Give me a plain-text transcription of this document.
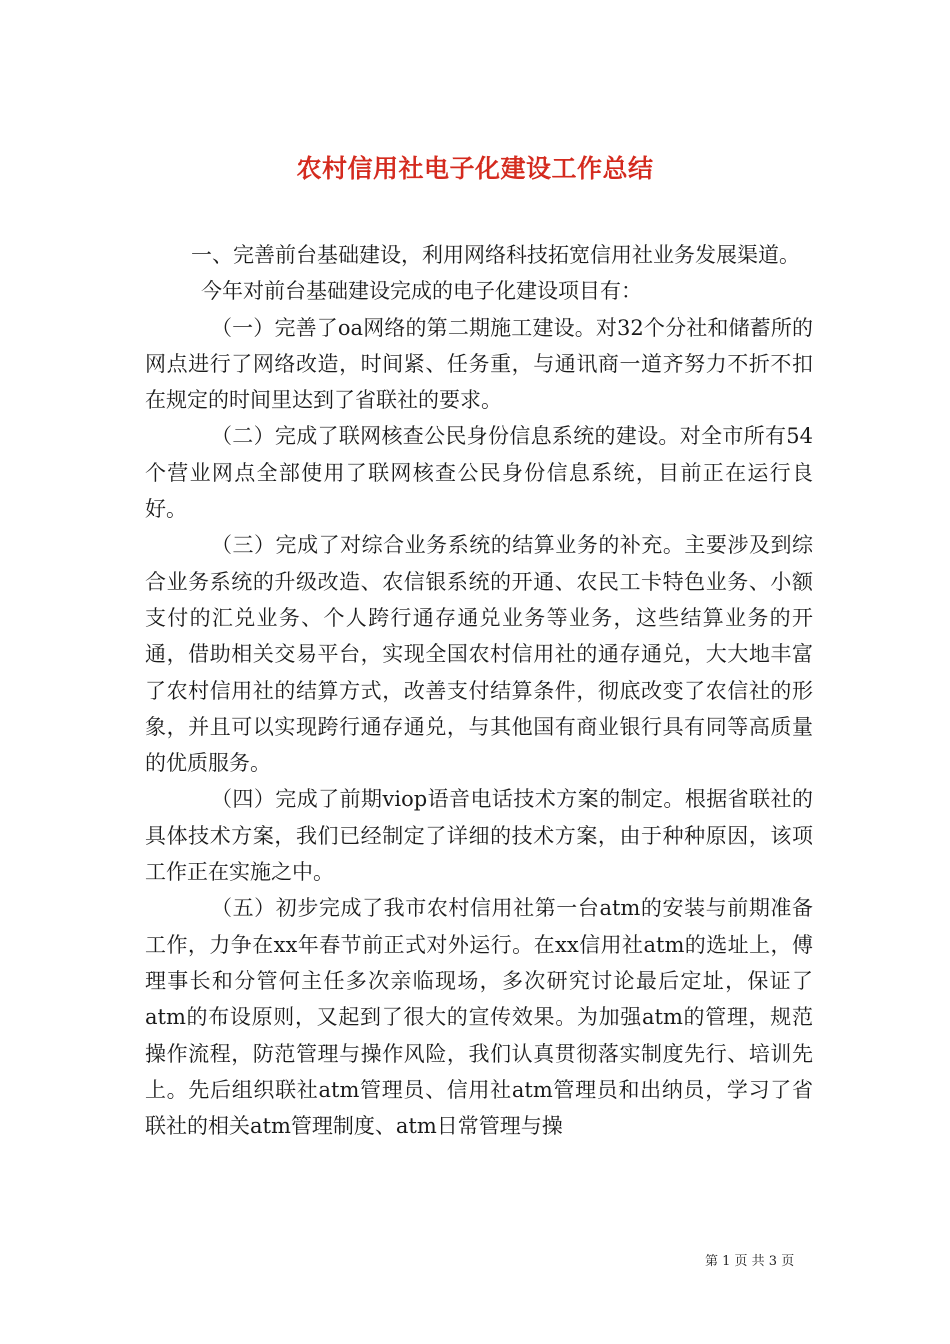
农村信用社电子化建设工作总结

一、完善前台基础建设，利用网络科技拓宽信用社业务发展渠道。

今年对前台基础建设完成的电子化建设项目有：

（一）完善了oa网络的第二期施工建设。对32个分社和储蓄所的网点进行了网络改造，时间紧、任务重，与通讯商一道齐努力不折不扣在规定的时间里达到了省联社的要求。

（二）完成了联网核查公民身份信息系统的建设。对全市所有54个营业网点全部使用了联网核查公民身份信息系统，目前正在运行良好。

（三）完成了对综合业务系统的结算业务的补充。主要涉及到综合业务系统的升级改造、农信银系统的开通、农民工卡特色业务、小额支付的汇兑业务、个人跨行通存通兑业务等业务，这些结算业务的开通，借助相关交易平台，实现全国农村信用社的通存通兑，大大地丰富了农村信用社的结算方式，改善支付结算条件，彻底改变了农信社的形象，并且可以实现跨行通存通兑，与其他国有商业银行具有同等高质量的优质服务。

（四）完成了前期viop语音电话技术方案的制定。根据省联社的具体技术方案，我们已经制定了详细的技术方案，由于种种原因，该项工作正在实施之中。

（五）初步完成了我市农村信用社第一台atm的安装与前期准备工作，力争在xx年春节前正式对外运行。在xx信用社atm的选址上，傅理事长和分管何主任多次亲临现场，多次研究讨论最后定址，保证了atm的布设原则，又起到了很大的宣传效果。为加强atm的管理，规范操作流程，防范管理与操作风险，我们认真贯彻落实制度先行、培训先上。先后组织联社atm管理员、信用社atm管理员和出纳员，学习了省联社的相关atm管理制度、atm日常管理与操

第 1 页 共 3 页
